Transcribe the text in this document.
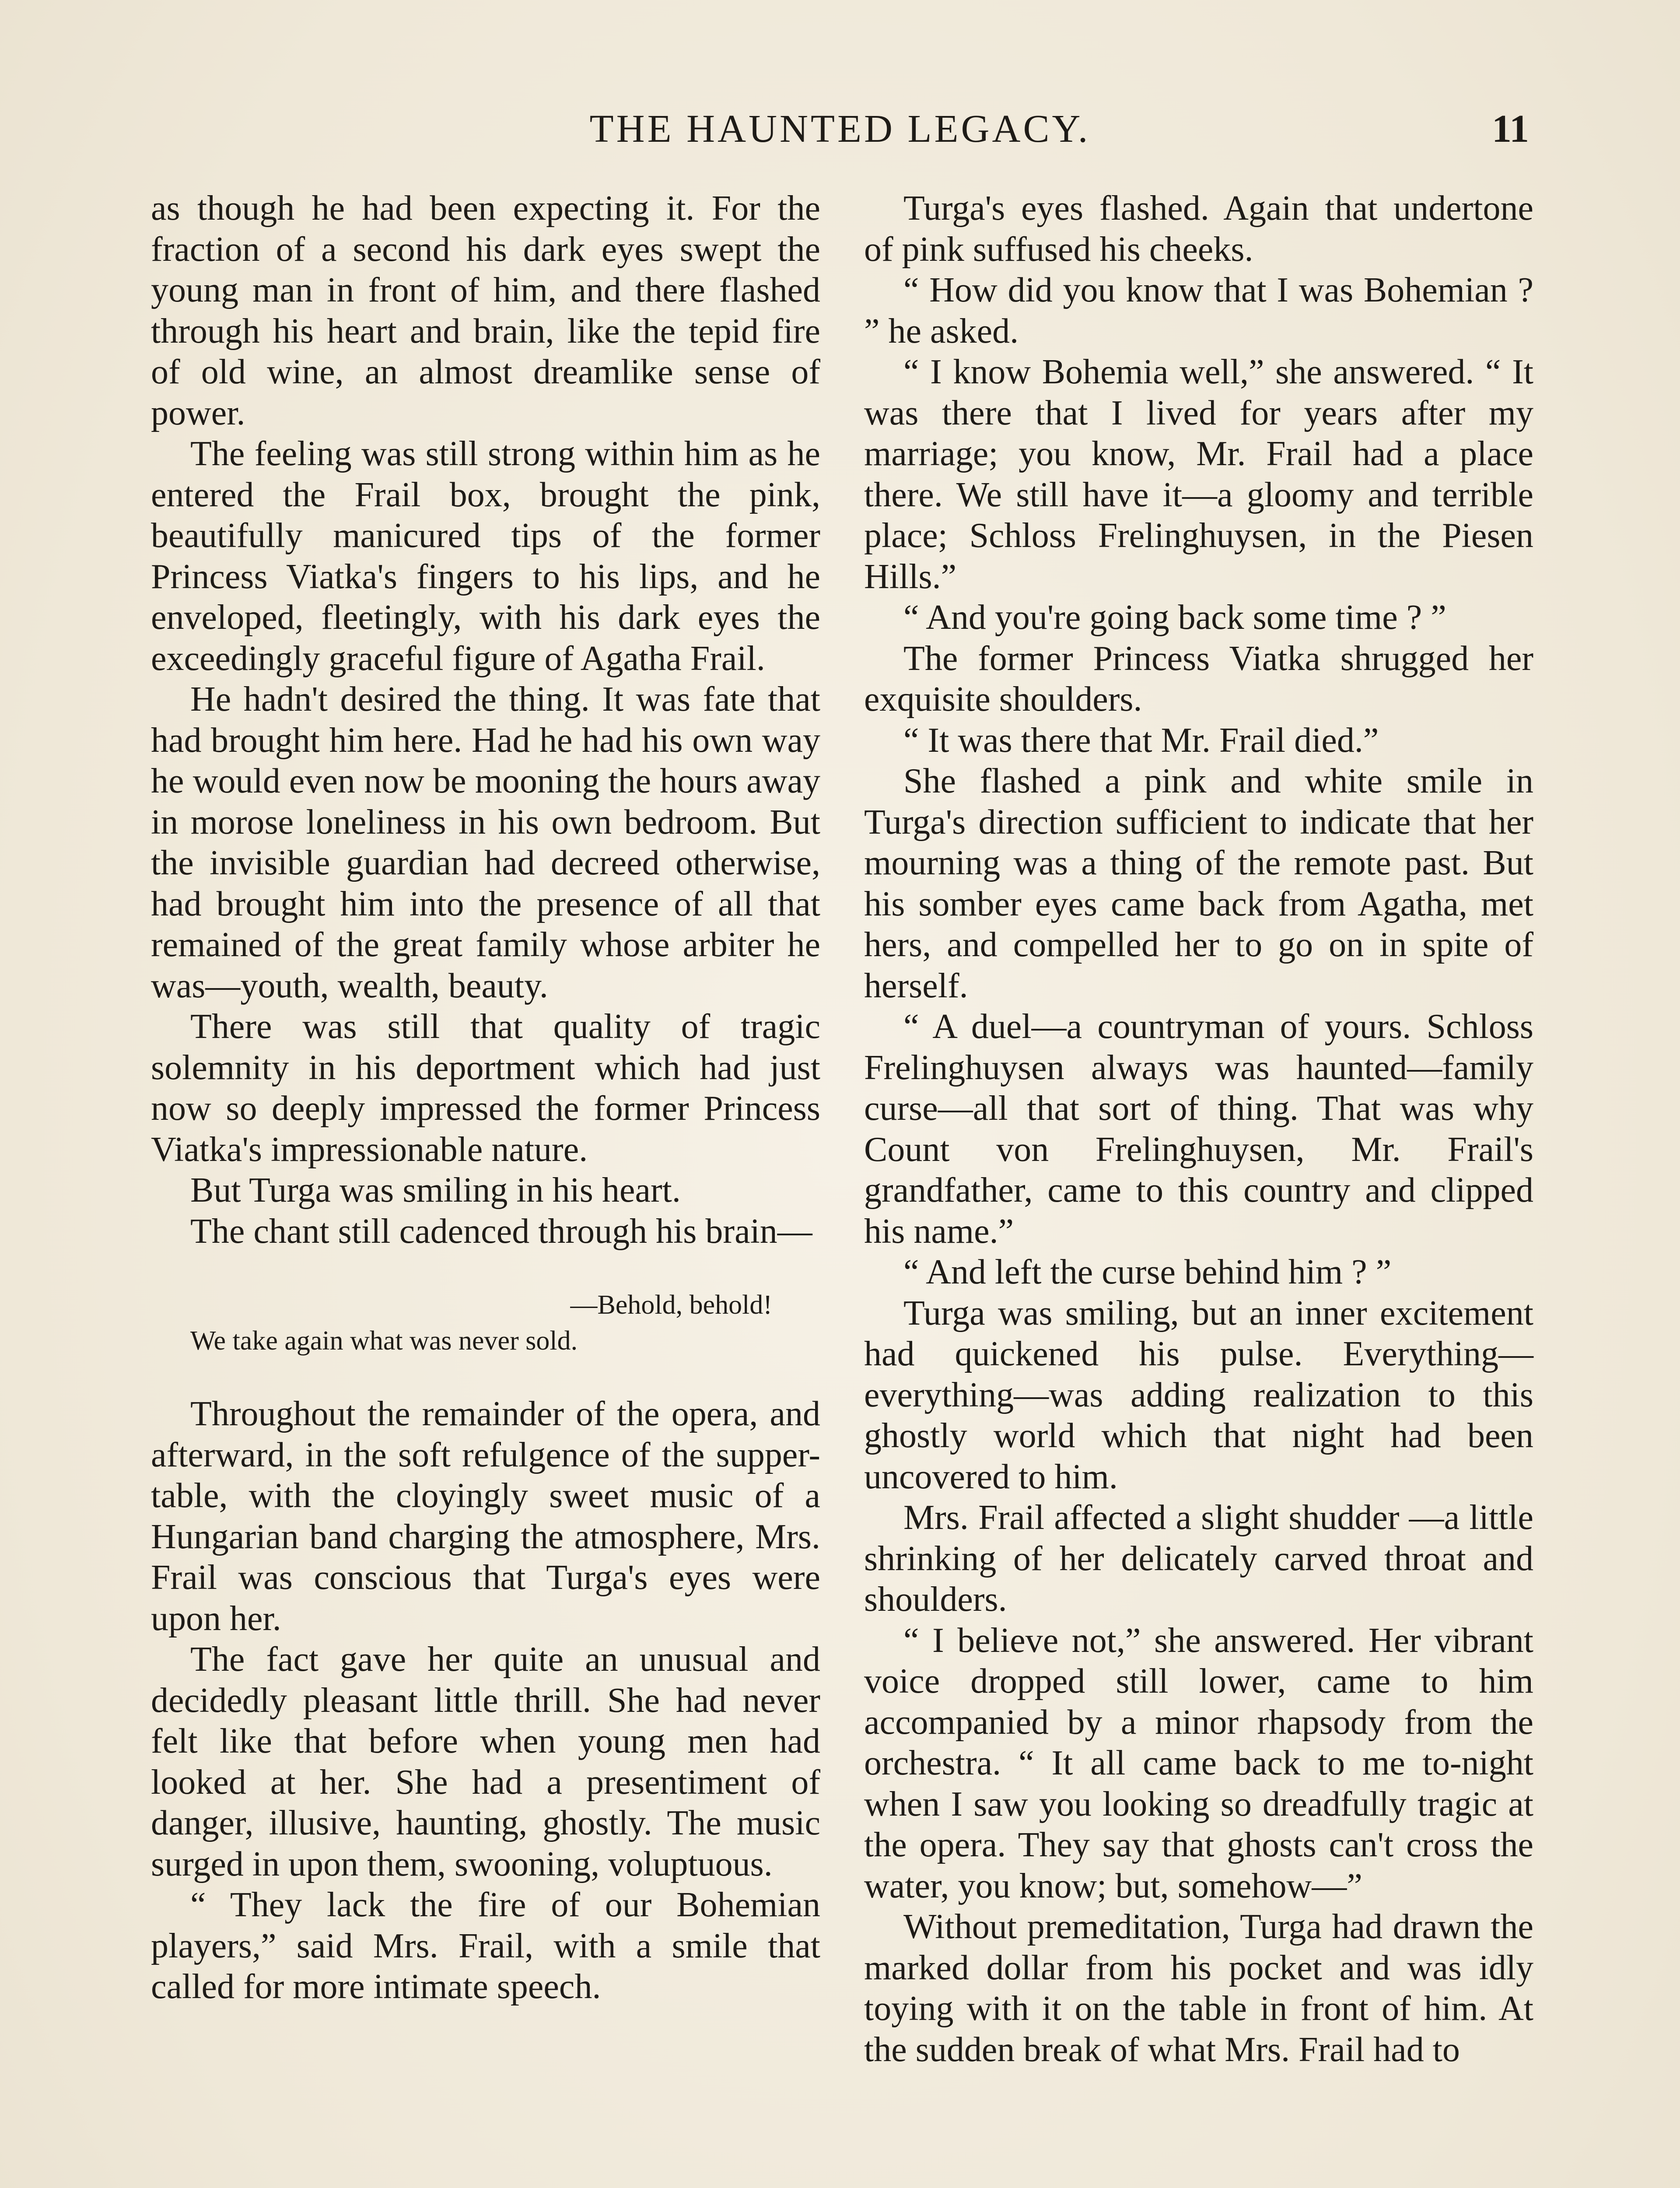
THE HAUNTED LEGACY.	11

as though he had been expecting it. For the fraction of a second his dark eyes swept the young man in front of him, and there flashed through his heart and brain, like the tepid fire of old wine, an almost dreamlike sense of power.

The feeling was still strong within him as he entered the Frail box, brought the pink, beautifully manicured tips of the former Princess Viatka's fingers to his lips, and he enveloped, fleetingly, with his dark eyes the exceedingly graceful figure of Agatha Frail.

He hadn't desired the thing. It was fate that had brought him here. Had he had his own way he would even now be mooning the hours away in morose loneliness in his own bedroom. But the invisible guardian had decreed otherwise, had brought him into the presence of all that remained of the great family whose arbiter he was—youth, wealth, beauty.

There was still that quality of tragic solemnity in his deportment which had just now so deeply impressed the former Princess Viatka's impressionable nature.

But Turga was smiling in his heart.

The chant still cadenced through his brain—

—Behold, behold!
We take again what was never sold.

Throughout the remainder of the opera, and afterward, in the soft refulgence of the supper-table, with the cloyingly sweet music of a Hungarian band charging the atmosphere, Mrs. Frail was conscious that Turga's eyes were upon her.

The fact gave her quite an unusual and decidedly pleasant little thrill. She had never felt like that before when young men had looked at her. She had a presentiment of danger, illusive, haunting, ghostly. The music surged in upon them, swooning, voluptuous.

“ They lack the fire of our Bohemian players,” said Mrs. Frail, with a smile that called for more intimate speech.

Turga's eyes flashed. Again that undertone of pink suffused his cheeks.

“ How did you know that I was Bohemian ? ” he asked.

“ I know Bohemia well,” she answered. “ It was there that I lived for years after my marriage; you know, Mr. Frail had a place there. We still have it—a gloomy and terrible place; Schloss Frelinghuysen, in the Piesen Hills.”

“ And you're going back some time ? ”

The former Princess Viatka shrugged her exquisite shoulders.

“ It was there that Mr. Frail died.”

She flashed a pink and white smile in Turga's direction sufficient to indicate that her mourning was a thing of the remote past. But his somber eyes came back from Agatha, met hers, and compelled her to go on in spite of herself.

“ A duel—a countryman of yours. Schloss Frelinghuysen always was haunted—family curse—all that sort of thing. That was why Count von Frelinghuysen, Mr. Frail's grandfather, came to this country and clipped his name.”

“ And left the curse behind him ? ”

Turga was smiling, but an inner excitement had quickened his pulse. Everything—everything—was adding realization to this ghostly world which that night had been uncovered to him.

Mrs. Frail affected a slight shudder —a little shrinking of her delicately carved throat and shoulders.

“ I believe not,” she answered. Her vibrant voice dropped still lower, came to him accompanied by a minor rhapsody from the orchestra. “ It all came back to me to-night when I saw you looking so dreadfully tragic at the opera. They say that ghosts can't cross the water, you know; but, somehow—”

Without premeditation, Turga had drawn the marked dollar from his pocket and was idly toying with it on the table in front of him. At the sudden break of what Mrs. Frail had to
